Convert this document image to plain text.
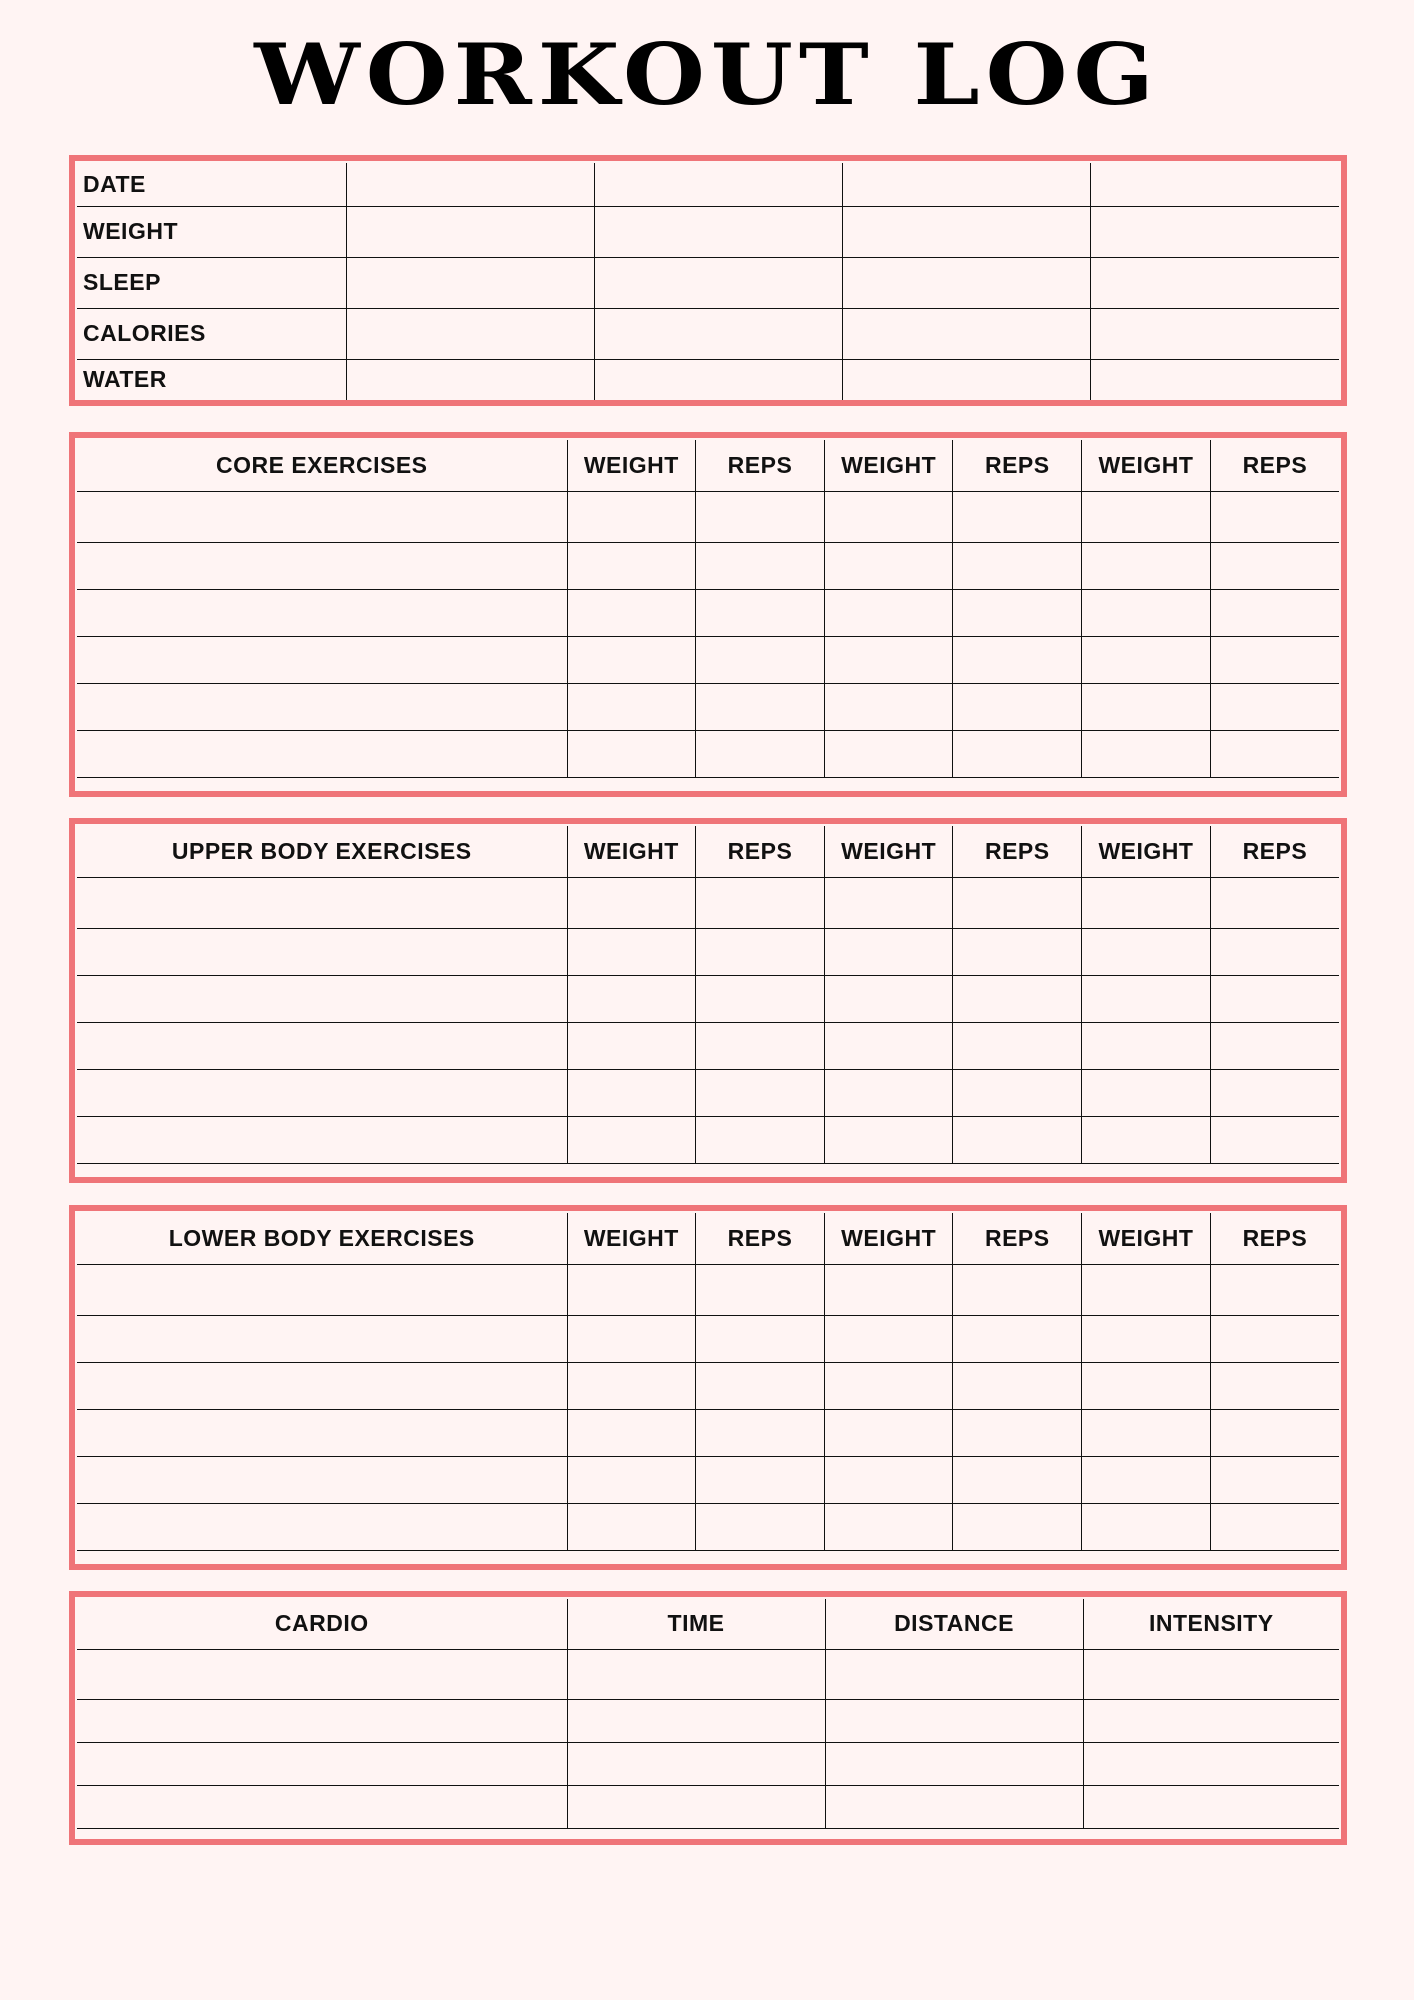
WORKOUT LOG
DATE				
WEIGHT				
SLEEP				
CALORIES				
WATER				
CORE EXERCISES	WEIGHT	REPS	WEIGHT	REPS	WEIGHT	REPS

UPPER BODY EXERCISES	WEIGHT	REPS	WEIGHT	REPS	WEIGHT	REPS

LOWER BODY EXERCISES	WEIGHT	REPS	WEIGHT	REPS	WEIGHT	REPS

CARDIO	TIME	DISTANCE	INTENSITY
